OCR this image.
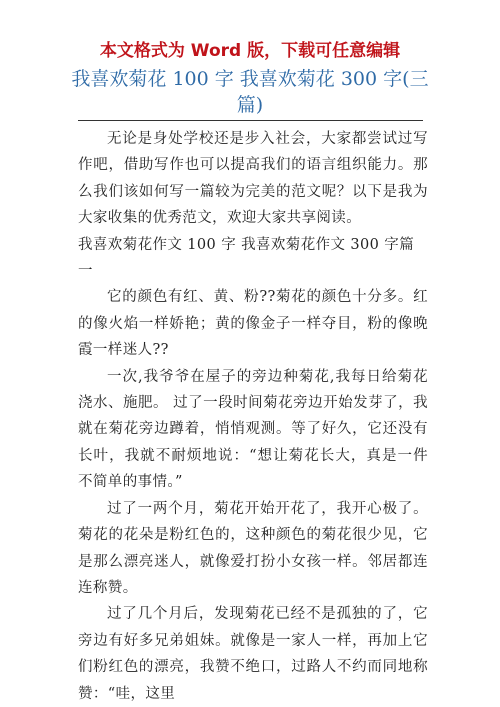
本文格式为 Word 版，下载可任意编辑
我喜欢菊花 100 字 我喜欢菊花 300 字(三篇)

无论是身处学校还是步入社会，大家都尝试过写作吧，借助写作也可以提高我们的语言组织能力。那么我们该如何写一篇较为完美的范文呢？以下是我为大家收集的优秀范文，欢迎大家共享阅读。

我喜欢菊花作文 100 字 我喜欢菊花作文 300 字篇一

它的颜色有红、黄、粉??菊花的颜色十分多。红的像火焰一样娇艳；黄的像金子一样夺目，粉的像晚霞一样迷人??

一次,我爷爷在屋子的旁边种菊花,我每日给菊花浇水、施肥。 过了一段时间菊花旁边开始发芽了，我就在菊花旁边蹲着，悄悄观测。等了好久，它还没有长叶，我就不耐烦地说：“想让菊花长大，真是一件不简单的事情。”

过了一两个月，菊花开始开花了，我开心极了。菊花的花朵是粉红色的，这种颜色的菊花很少见，它是那么漂亮迷人，就像爱打扮小女孩一样。邻居都连连称赞。

过了几个月后，发现菊花已经不是孤独的了，它旁边有好多兄弟姐妹。就像是一家人一样，再加上它们粉红色的漂亮，我赞不绝口，过路人不约而同地称赞：“哇，这里
